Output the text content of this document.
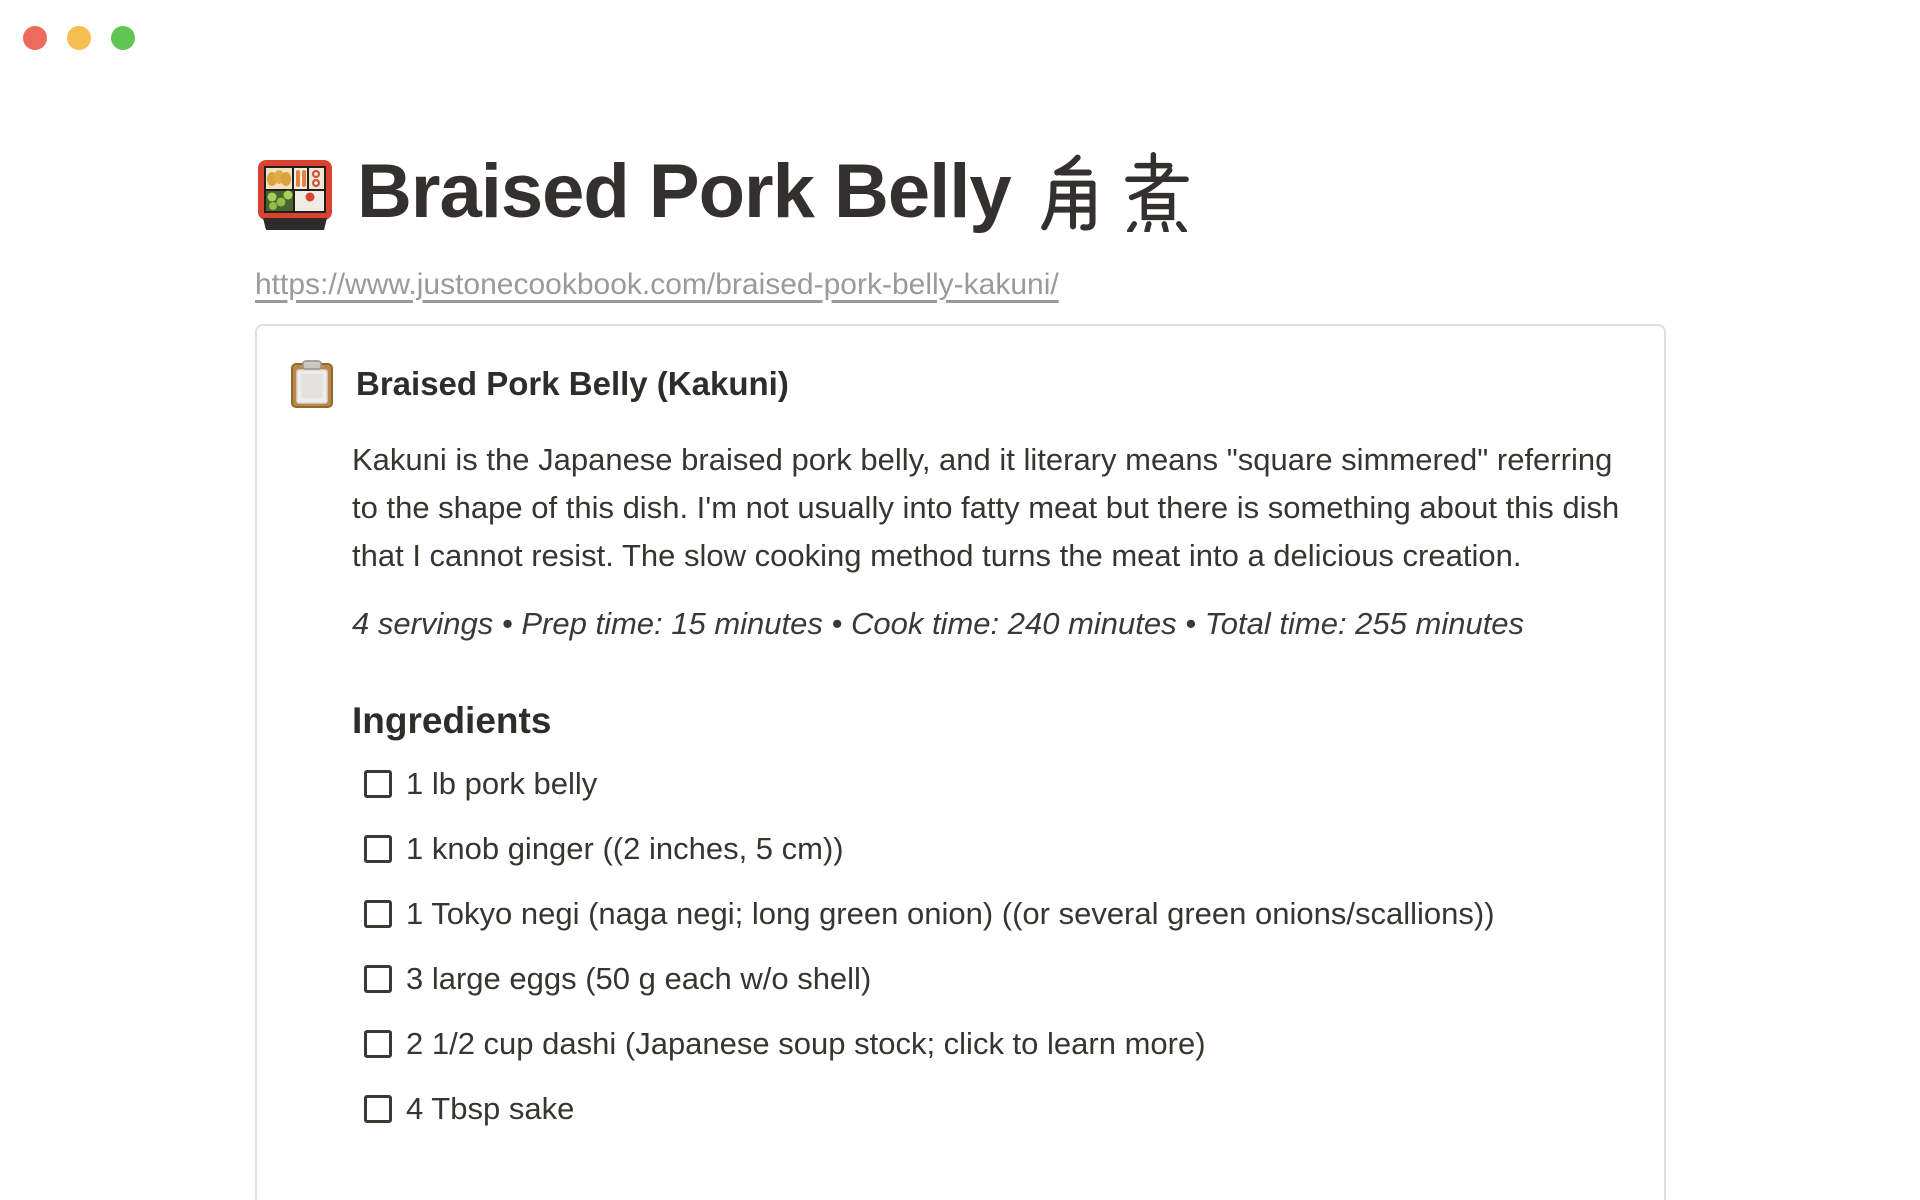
Braised Pork Belly
https://www.justonecookbook.com/braised-pork-belly-kakuni/
Braised Pork Belly (Kakuni)

Kakuni is the Japanese braised pork belly, and it literary means "square simmered" referring to the shape of this dish. I'm not usually into fatty meat but there is something about this dish that I cannot resist. The slow cooking method turns the meat into a delicious creation.

4 servings • Prep time: 15 minutes • Cook time: 240 minutes • Total time: 255 minutes

Ingredients
1 lb pork belly
1 knob ginger ((2 inches, 5 cm))
1 Tokyo negi (naga negi; long green onion) ((or several green onions/scallions))
3 large eggs (50 g each w/o shell)
2 1/2 cup dashi (Japanese soup stock; click to learn more)
4 Tbsp sake
